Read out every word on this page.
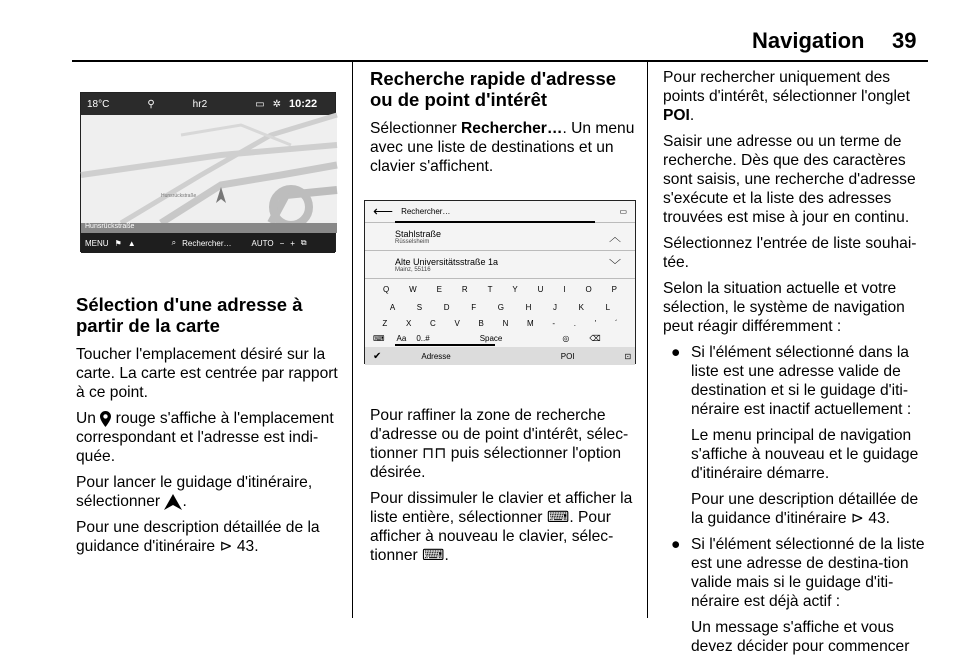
Navigation 39
18°C	⚲	hr2	▭ ✲ 10:22
Hunsrückstraße
Hunsrückstraße
MENU ⚑ ▲	⌕ Rechercher…	AUTO − + ⧉
Sélection d'une adresse à partir de la carte

Toucher l'emplacement désiré sur la carte. La carte est centrée par rapport à ce point.

Un rouge s'affiche à l'emplacement correspondant et l'adresse est indi-quée.

Pour lancer le guidage d'itinéraire, sélectionner .

Pour une description détaillée de la guidance d'itinéraire ⊳ 43.

Recherche rapide d'adresse ou de point d'intérêt

Sélectionner Rechercher…. Un menu avec une liste de destinations et un clavier s'affichent.

⟵ Rechercher…	▭
Stahlstraße
Rüsselsheim	︿
Alte Universitätsstraße 1a
Mainz, 55116	﹀
Q W E R T Y U I O P
A	S	D	F	G	H	J	K	L
Z X C V B N M - . ' ´
⌨ Aa 0..#	Space	◎	⌫
✔	Adresse	POI	⊡

Pour raffiner la zone de recherche d'adresse ou de point d'intérêt, sélec-tionner ⊓⊓ puis sélectionner l'option désirée.

Pour dissimuler le clavier et afficher la liste entière, sélectionner ⌨. Pour afficher à nouveau le clavier, sélec-tionner ⌨.

Pour rechercher uniquement des points d'intérêt, sélectionner l'onglet POI.

Saisir une adresse ou un terme de recherche. Dès que des caractères sont saisis, une recherche d'adresse s'exécute et la liste des adresses trouvées est mise à jour en continu.

Sélectionnez l'entrée de liste souhai-tée.

Selon la situation actuelle et votre sélection, le système de navigation peut réagir différemment :

● Si l'élément sélectionné dans la liste est une adresse valide de destination et si le guidage d'iti-néraire est inactif actuellement :

Le menu principal de navigation s'affiche à nouveau et le guidage d'itinéraire démarre.

Pour une description détaillée de la guidance d'itinéraire ⊳ 43.

● Si l'élément sélectionné de la liste est une adresse de destina-tion valide mais si le guidage d'iti-néraire est déjà actif :

Un message s'affiche et vous devez décider pour commencer
